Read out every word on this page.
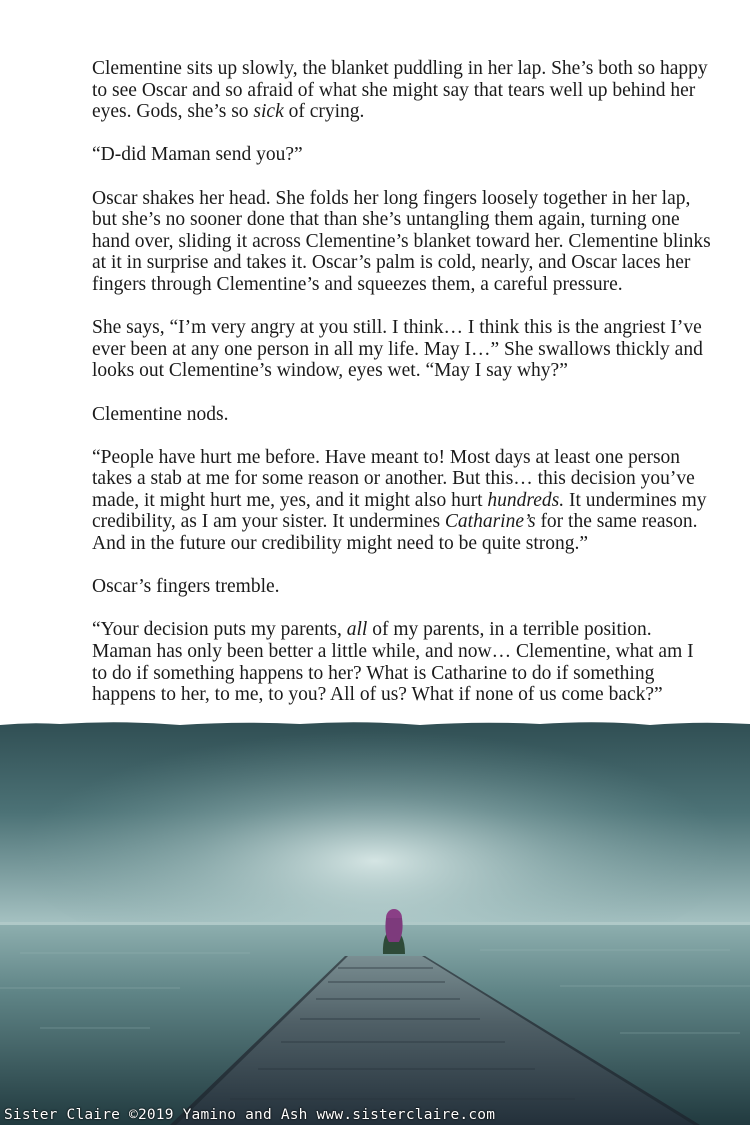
Clementine sits up slowly, the blanket puddling in her lap. She’s both so happy to see Oscar and so afraid of what she might say that tears well up behind her eyes. Gods, she’s so sick of crying.

“D-did Maman send you?”

Oscar shakes her head. She folds her long fingers loosely together in her lap, but she’s no sooner done that than she’s untangling them again, turning one hand over, sliding it across Clementine’s blanket toward her. Clementine blinks at it in surprise and takes it. Oscar’s palm is cold, nearly, and Oscar laces her fingers through Clementine’s and squeezes them, a careful pressure.

She says, “I’m very angry at you still. I think… I think this is the angriest I’ve ever been at any one person in all my life. May I…” She swallows thickly and looks out Clementine’s window, eyes wet. “May I say why?”

Clementine nods.

“People have hurt me before. Have meant to! Most days at least one person takes a stab at me for some reason or another. But this… this decision you’ve made, it might hurt me, yes, and it might also hurt hundreds. It undermines my credibility, as I am your sister. It undermines Catharine’s for the same reason. And in the future our credibility might need to be quite strong.”

Oscar’s fingers tremble.

“Your decision puts my parents, all of my parents, in a terrible position. Maman has only been better a little while, and now… Clementine, what am I to do if something happens to her? What is Catharine to do if something happens to her, to me, to you? All of us? What if none of us come back?”

Sister Claire ©2019 Yamino and Ash www.sisterclaire.com
